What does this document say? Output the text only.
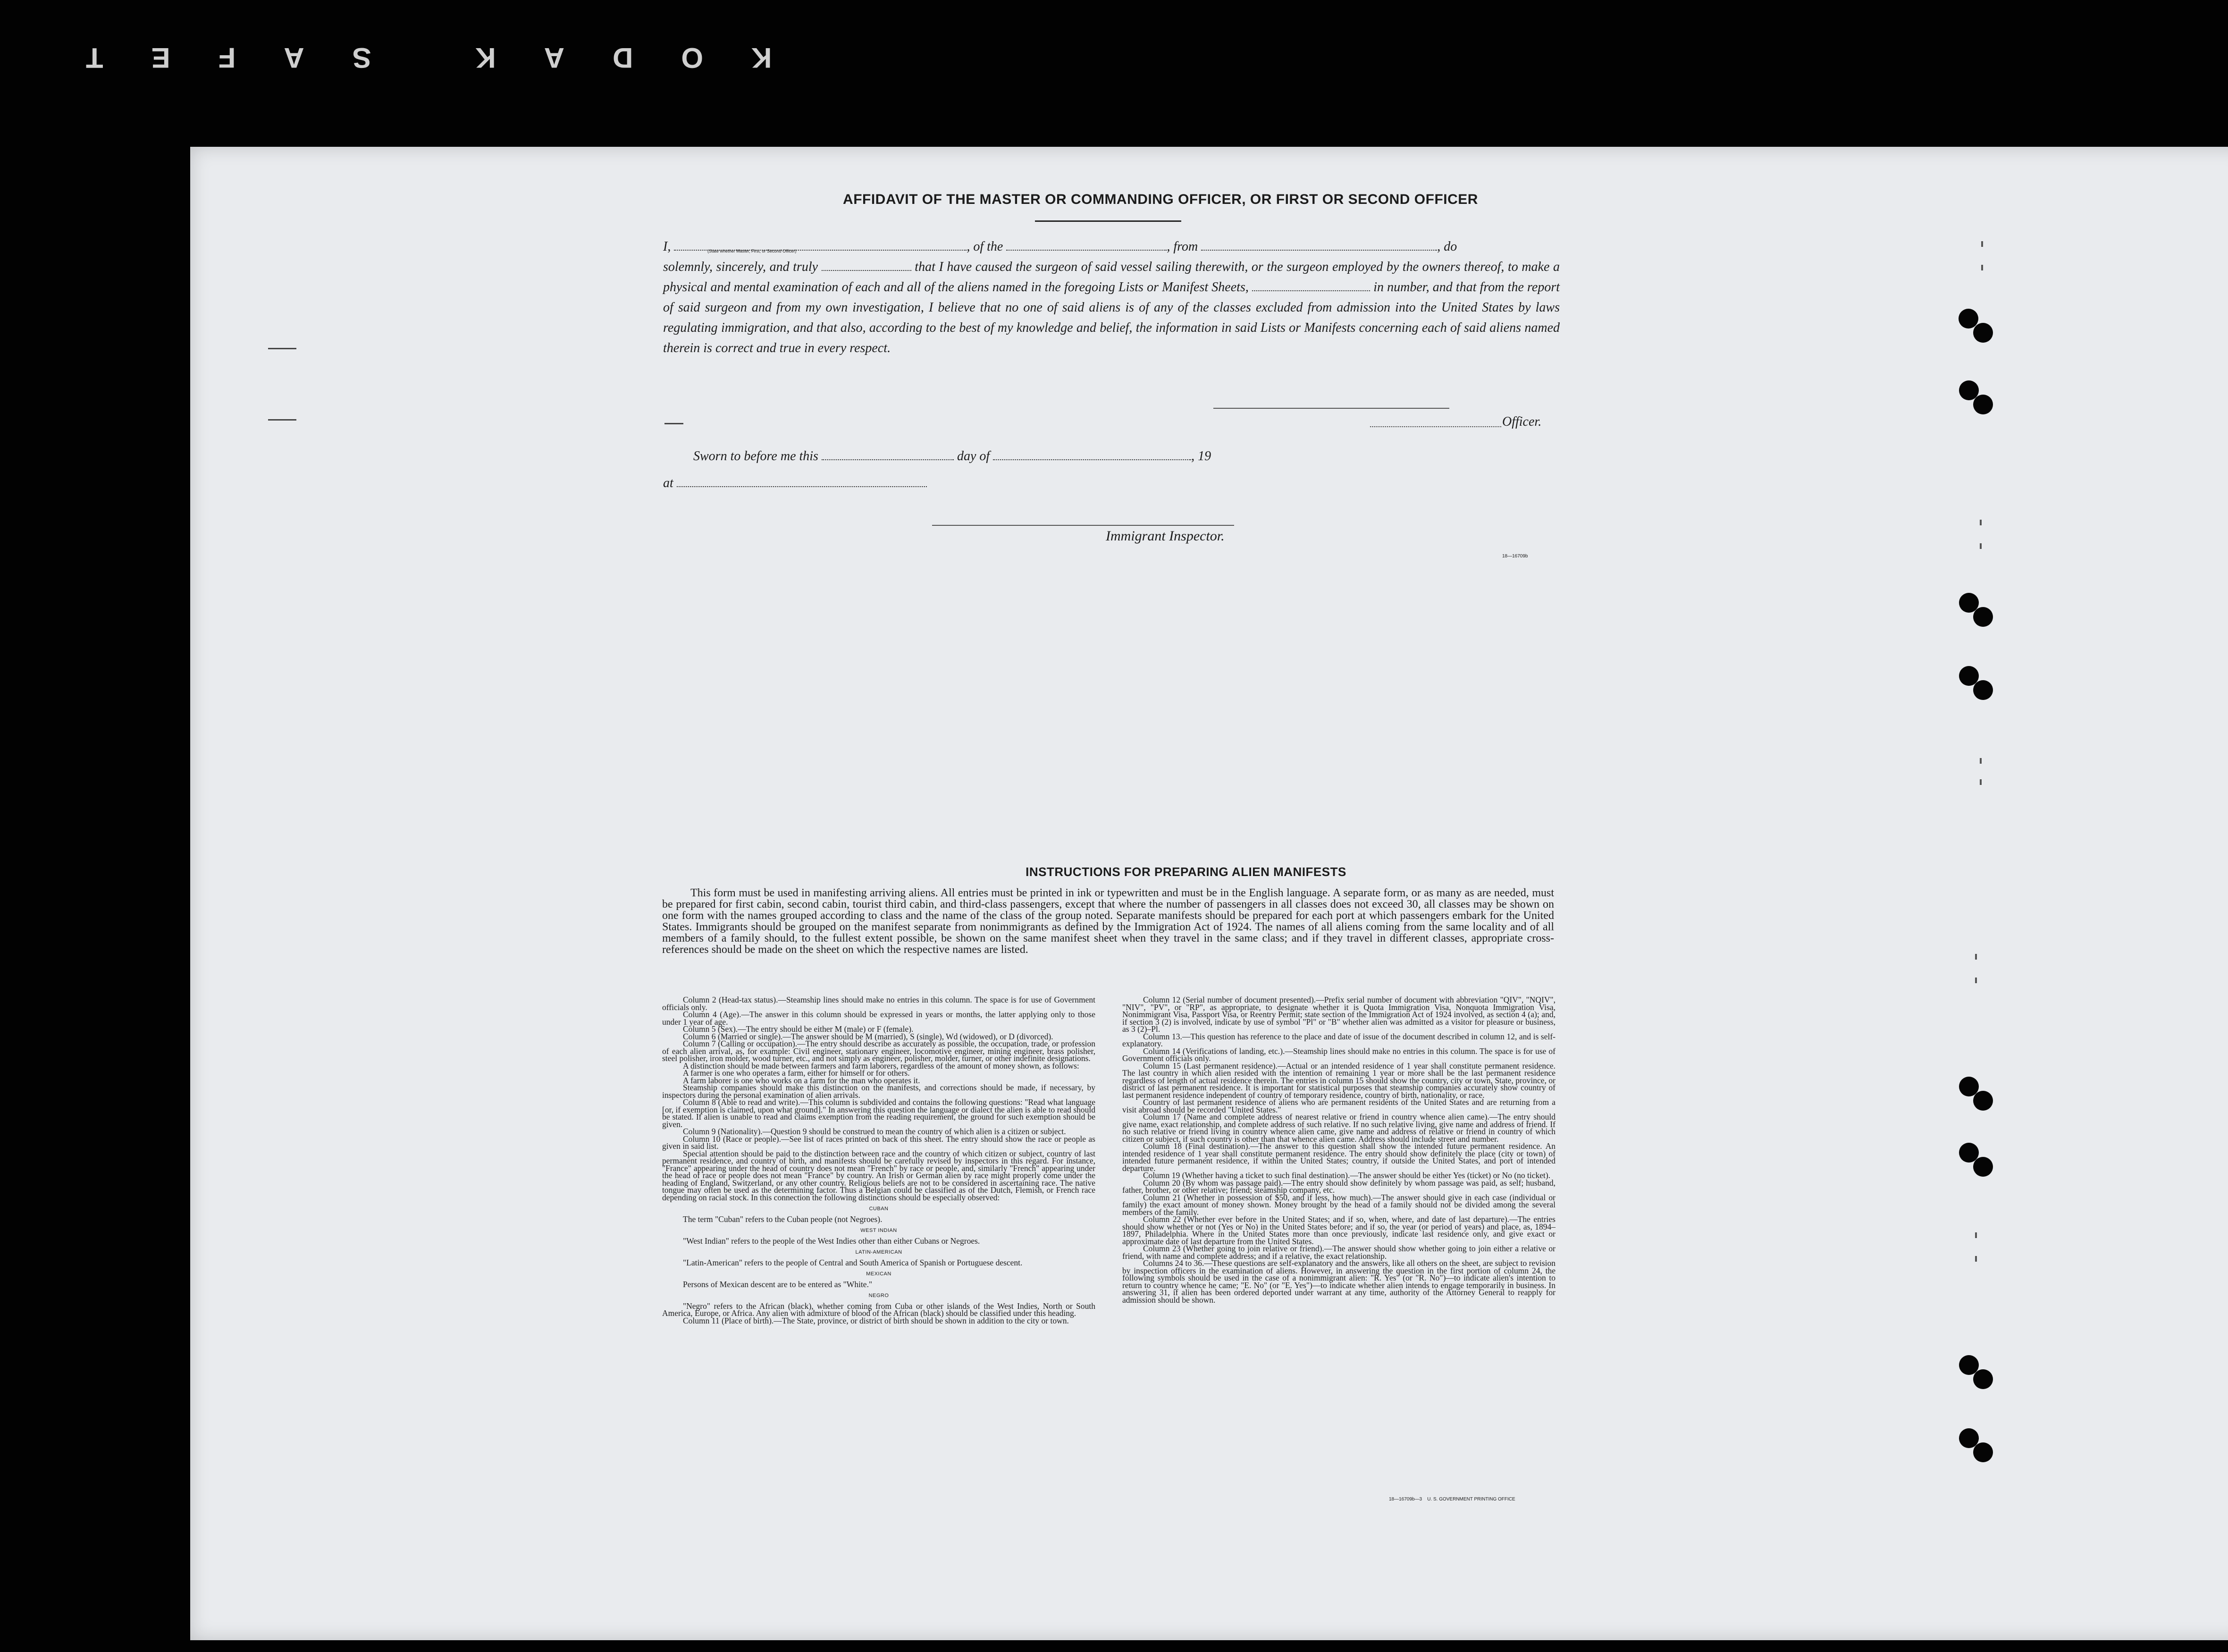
KODAK SAFET
AFFIDAVIT OF THE MASTER OR COMMANDING OFFICER, OR FIRST OR SECOND OFFICER
I,	, of the	, from	, do
(State whether Master, First, or Second Officer)

solemnly, sincerely, and truly	that I have caused the surgeon of said vessel sailing therewith, or the surgeon employed by the owners thereof, to make a physical and mental examination of each and all of the aliens named in the foregoing Lists or Manifest Sheets,	in number, and that from the report of said surgeon and from my own investigation, I believe that no one of said aliens is of any of the classes excluded from admission into the United States by laws regulating immigration, and that also, according to the best of my knowledge and belief, the information in said Lists or Manifests concerning each of said aliens named therein is correct and true in every respect.
Officer.
Sworn to before me this	day of	, 19
at
Immigrant Inspector.
18—16709b
INSTRUCTIONS FOR PREPARING ALIEN MANIFESTS
This form must be used in manifesting arriving aliens. All entries must be printed in ink or typewritten and must be in the English language. A separate form, or as many as are needed, must be prepared for first cabin, second cabin, tourist third cabin, and third-class passengers, except that where the number of passengers in all classes does not exceed 30, all classes may be shown on one form with the names grouped according to class and the name of the class of the group noted. Separate manifests should be prepared for each port at which passengers embark for the United States. Immigrants should be grouped on the manifest separate from nonimmigrants as defined by the Immigration Act of 1924. The names of all aliens coming from the same locality and of all members of a family should, to the fullest extent possible, be shown on the same manifest sheet when they travel in the same class; and if they travel in different classes, appropriate cross-references should be made on the sheet on which the respective names are listed.

Column 2 (Head-tax status).—Steamship lines should make no entries in this column. The space is for use of Government officials only.

Column 4 (Age).—The answer in this column should be expressed in years or months, the latter applying only to those under 1 year of age.

Column 5 (Sex).—The entry should be either M (male) or F (female).

Column 6 (Married or single).—The answer should be M (married), S (single), Wd (widowed), or D (divorced).

Column 7 (Calling or occupation).—The entry should describe as accurately as possible, the occupation, trade, or profession of each alien arrival, as, for example: Civil engineer, stationary engineer, locomotive engineer, mining engineer, brass polisher, steel polisher, iron molder, wood turner, etc., and not simply as engineer, polisher, molder, turner, or other indefinite designations.

A distinction should be made between farmers and farm laborers, regardless of the amount of money shown, as follows:

A farmer is one who operates a farm, either for himself or for others.

A farm laborer is one who works on a farm for the man who operates it.

Steamship companies should make this distinction on the manifests, and corrections should be made, if necessary, by inspectors during the personal examination of alien arrivals.

Column 8 (Able to read and write).—This column is subdivided and contains the following questions: "Read what language [or, if exemption is claimed, upon what ground]." In answering this question the language or dialect the alien is able to read should be stated. If alien is unable to read and claims exemption from the reading requirement, the ground for such exemption should be given.

Column 9 (Nationality).—Question 9 should be construed to mean the country of which alien is a citizen or subject.

Column 10 (Race or people).—See list of races printed on back of this sheet. The entry should show the race or people as given in said list.

Special attention should be paid to the distinction between race and the country of which citizen or subject, country of last permanent residence, and country of birth, and manifests should be carefully revised by inspectors in this regard. For instance, "France" appearing under the head of country does not mean "French" by race or people, and, similarly "French" appearing under the head of race or people does not mean "France" by country. An Irish or German alien by race might properly come under the heading of England, Switzerland, or any other country. Religious beliefs are not to be considered in ascertaining race. The native tongue may often be used as the determining factor. Thus a Belgian could be classified as of the Dutch, Flemish, or French race depending on racial stock. In this connection the following distinctions should be especially observed:

CUBAN

The term "Cuban" refers to the Cuban people (not Negroes).

WEST INDIAN

"West Indian" refers to the people of the West Indies other than either Cubans or Negroes.

LATIN-AMERICAN

"Latin-American" refers to the people of Central and South America of Spanish or Portuguese descent.

MEXICAN

Persons of Mexican descent are to be entered as "White."

NEGRO

"Negro" refers to the African (black), whether coming from Cuba or other islands of the West Indies, North or South America, Europe, or Africa. Any alien with admixture of blood of the African (black) should be classified under this heading.

Column 11 (Place of birth).—The State, province, or district of birth should be shown in addition to the city or town.

Column 12 (Serial number of document presented).—Prefix serial number of document with abbreviation "QIV", "NQIV", "NIV", "PV", or "RP", as appropriate, to designate whether it is Quota Immigration Visa, Nonquota Immigration Visa, Nonimmigrant Visa, Passport Visa, or Reentry Permit; state section of the Immigration Act of 1924 involved, as section 4 (a); and, if section 3 (2) is involved, indicate by use of symbol "Pl" or "B" whether alien was admitted as a visitor for pleasure or business, as 3 (2)–Pl.

Column 13.—This question has reference to the place and date of issue of the document described in column 12, and is self-explanatory.

Column 14 (Verifications of landing, etc.).—Steamship lines should make no entries in this column. The space is for use of Government officials only.

Column 15 (Last permanent residence).—Actual or an intended residence of 1 year shall constitute permanent residence. The last country in which alien resided with the intention of remaining 1 year or more shall be the last permanent residence regardless of length of actual residence therein. The entries in column 15 should show the country, city or town, State, province, or district of last permanent residence. It is important for statistical purposes that steamship companies accurately show country of last permanent residence independent of country of temporary residence, country of birth, nationality, or race.

Country of last permanent residence of aliens who are permanent residents of the United States and are returning from a visit abroad should be recorded "United States."

Column 17 (Name and complete address of nearest relative or friend in country whence alien came).—The entry should give name, exact relationship, and complete address of such relative. If no such relative living, give name and address of friend. If no such relative or friend living in country whence alien came, give name and address of relative or friend in country of which citizen or subject, if such country is other than that whence alien came. Address should include street and number.

Column 18 (Final destination).—The answer to this question shall show the intended future permanent residence. An intended residence of 1 year shall constitute permanent residence. The entry should show definitely the place (city or town) of intended future permanent residence, if within the United States; country, if outside the United States, and port of intended departure.

Column 19 (Whether having a ticket to such final destination).—The answer should be either Yes (ticket) or No (no ticket).

Column 20 (By whom was passage paid).—The entry should show definitely by whom passage was paid, as self; husband, father, brother, or other relative; friend; steamship company, etc.

Column 21 (Whether in possession of $50, and if less, how much).—The answer should give in each case (individual or family) the exact amount of money shown. Money brought by the head of a family should not be divided among the several members of the family.

Column 22 (Whether ever before in the United States; and if so, when, where, and date of last departure).—The entries should show whether or not (Yes or No) in the United States before; and if so, the year (or period of years) and place, as, 1894–1897, Philadelphia. Where in the United States more than once previously, indicate last residence only, and give exact or approximate date of last departure from the United States.

Column 23 (Whether going to join relative or friend).—The answer should show whether going to join either a relative or friend, with name and complete address; and if a relative, the exact relationship.

Columns 24 to 36.—These questions are self-explanatory and the answers, like all others on the sheet, are subject to revision by inspection officers in the examination of aliens. However, in answering the question in the first portion of column 24, the following symbols should be used in the case of a nonimmigrant alien: "R. Yes" (or "R. No")—to indicate alien's intention to return to country whence he came; "E. No" (or "E. Yes")—to indicate whether alien intends to engage temporarily in business. In answering 31, if alien has been ordered deported under warrant at any time, authority of the Attorney General to reapply for admission should be shown.

18—16709b—3 U. S. GOVERNMENT PRINTING OFFICE
